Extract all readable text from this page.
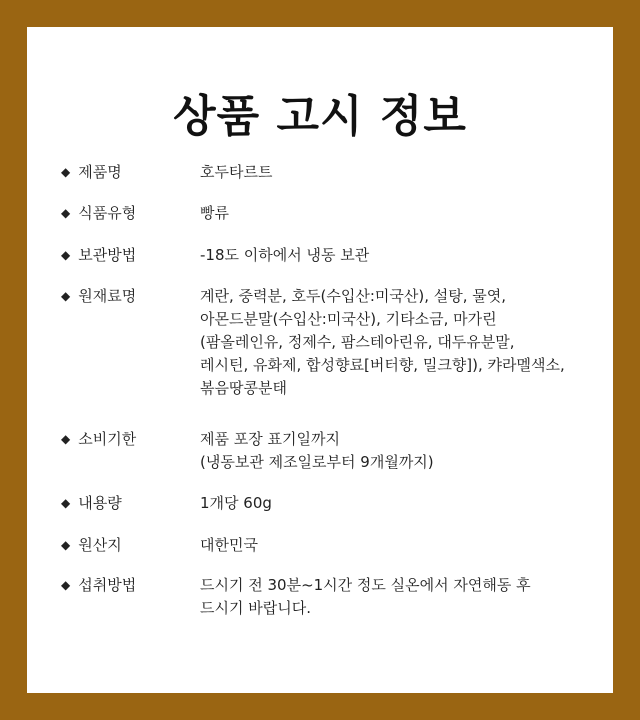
상품 고시 정보
◆ 제품명	호두타르트
◆ 식품유형	빵류
◆ 보관방법	-18도 이하에서 냉동 보관
◆ 원재료명	계란, 중력분, 호두(수입산:미국산), 설탕, 물엿,
아몬드분말(수입산:미국산), 기타소금, 마가린
(팜올레인유, 정제수, 팜스테아린유, 대두유분말,
레시틴, 유화제, 합성향료[버터향, 밀크향]), 캬라멜색소,
볶음땅콩분태
◆ 소비기한	제품 포장 표기일까지
(냉동보관 제조일로부터 9개월까지)
◆ 내용량	1개당 60g
◆ 원산지	대한민국
◆ 섭취방법	드시기 전 30분~1시간 정도 실온에서 자연해동 후
드시기 바랍니다.
